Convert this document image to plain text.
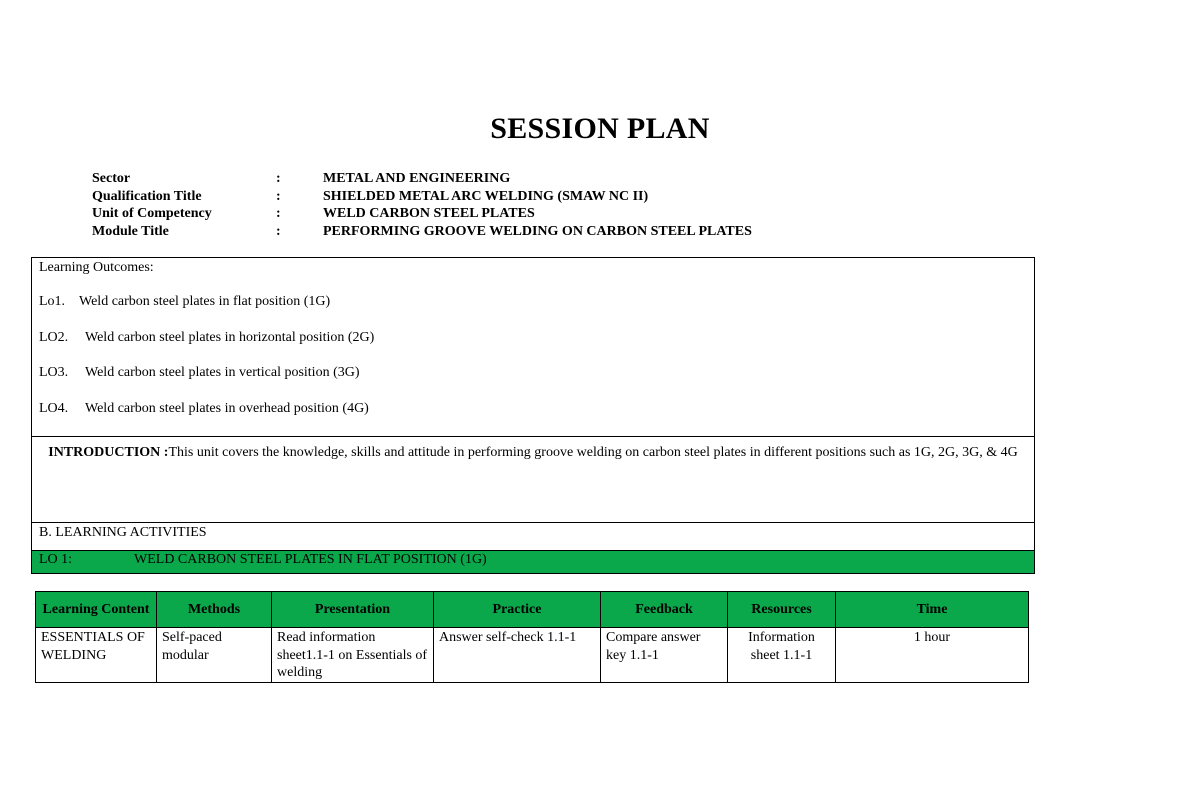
SESSION PLAN
Sector	:	METAL AND ENGINEERING
Qualification Title	:	SHIELDED METAL ARC WELDING (SMAW NC II)
Unit of Competency	:	WELD CARBON STEEL PLATES
Module Title	:	PERFORMING GROOVE WELDING ON CARBON STEEL PLATES
Learning Outcomes:
Lo1. Weld carbon steel plates in flat position (1G)
LO2. Weld carbon steel plates in horizontal position (2G)
LO3. Weld carbon steel plates in vertical position (3G)
LO4. Weld carbon steel plates in overhead position (4G)
INTRODUCTION :This unit covers the knowledge, skills and attitude in performing groove welding on carbon steel plates in different positions such as 1G, 2G, 3G, & 4G
B. LEARNING ACTIVITIES
LO 1:	WELD CARBON STEEL PLATES IN FLAT POSITION (1G)
Learning Content	Methods	Presentation	Practice	Feedback	Resources	Time
ESSENTIALS OF WELDING	Self-paced modular	Read information sheet1.1-1 on Essentials of welding	Answer self-check 1.1-1	Compare answer key 1.1-1	Information sheet 1.1-1	1 hour
